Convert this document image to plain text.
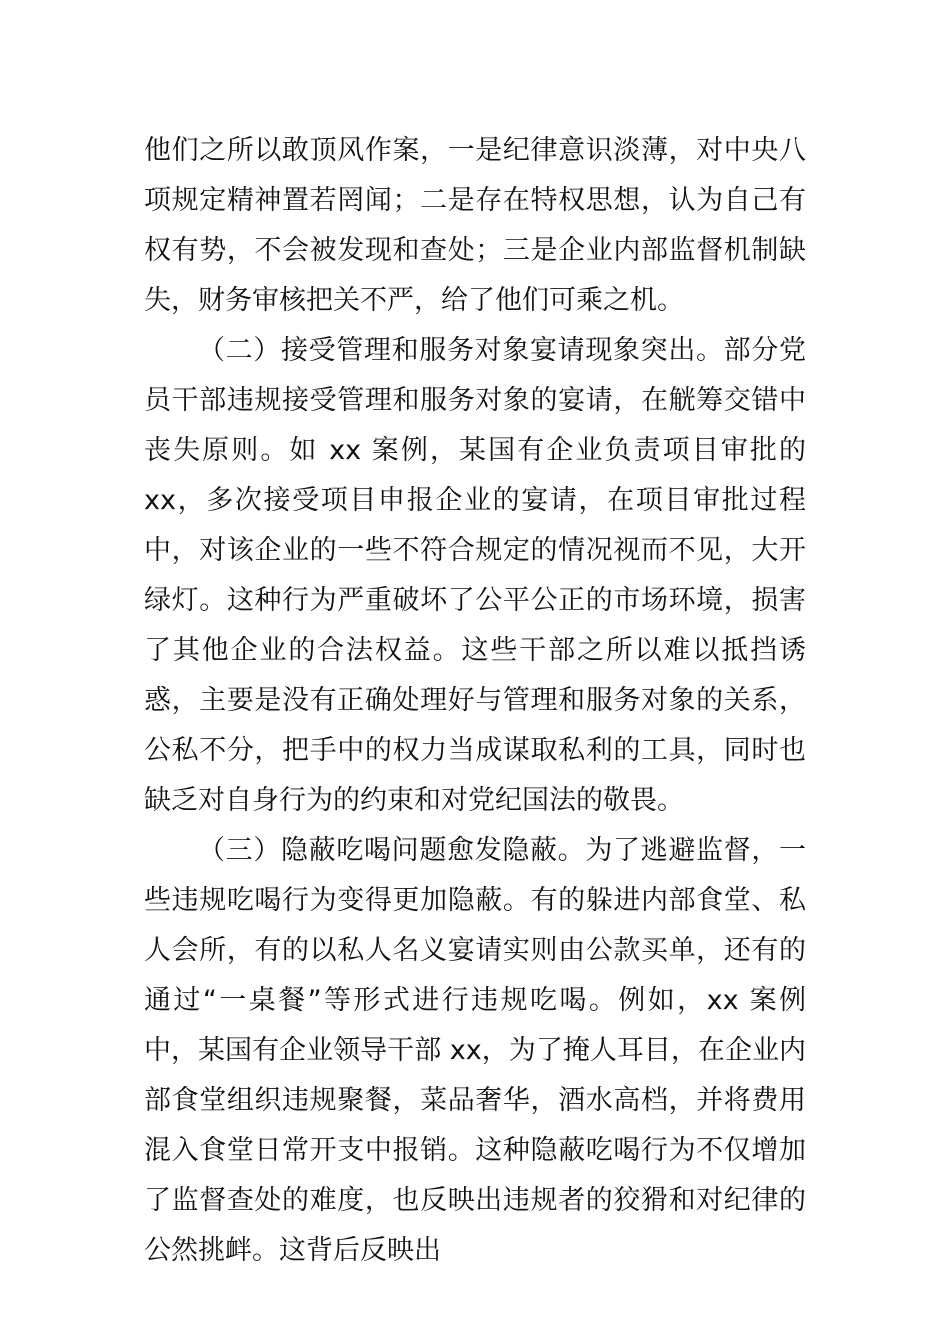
他们之所以敢顶风作案，一是纪律意识淡薄，对中央八项规定精神置若罔闻；二是存在特权思想，认为自己有权有势，不会被发现和查处；三是企业内部监督机制缺失，财务审核把关不严，给了他们可乘之机。

（二）接受管理和服务对象宴请现象突出。部分党员干部违规接受管理和服务对象的宴请，在觥筹交错中丧失原则。如 xx 案例，某国有企业负责项目审批的 xx，多次接受项目申报企业的宴请，在项目审批过程中，对该企业的一些不符合规定的情况视而不见，大开绿灯。这种行为严重破坏了公平公正的市场环境，损害了其他企业的合法权益。这些干部之所以难以抵挡诱惑，主要是没有正确处理好与管理和服务对象的关系，公私不分，把手中的权力当成谋取私利的工具，同时也缺乏对自身行为的约束和对党纪国法的敬畏。

（三）隐蔽吃喝问题愈发隐蔽。为了逃避监督，一些违规吃喝行为变得更加隐蔽。有的躲进内部食堂、私人会所，有的以私人名义宴请实则由公款买单，还有的通过“一桌餐”等形式进行违规吃喝。例如，xx 案例中，某国有企业领导干部 xx，为了掩人耳目，在企业内部食堂组织违规聚餐，菜品奢华，酒水高档，并将费用混入食堂日常开支中报销。这种隐蔽吃喝行为不仅增加了监督查处的难度，也反映出违规者的狡猾和对纪律的公然挑衅。这背后反映出
